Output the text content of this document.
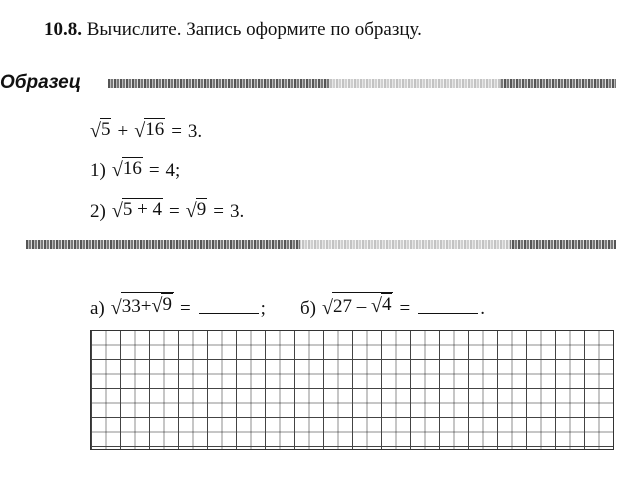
10.8. Вычислите. Запись оформите по образцу.
Образец
√ 5 + √ 16 = 3.
1) √ 16 = 4;
2) √ 5 + 4 = √ 9 = 3.
а) √ 33+ √ 9 =	; б) √ 27 – √ 4 =	.
